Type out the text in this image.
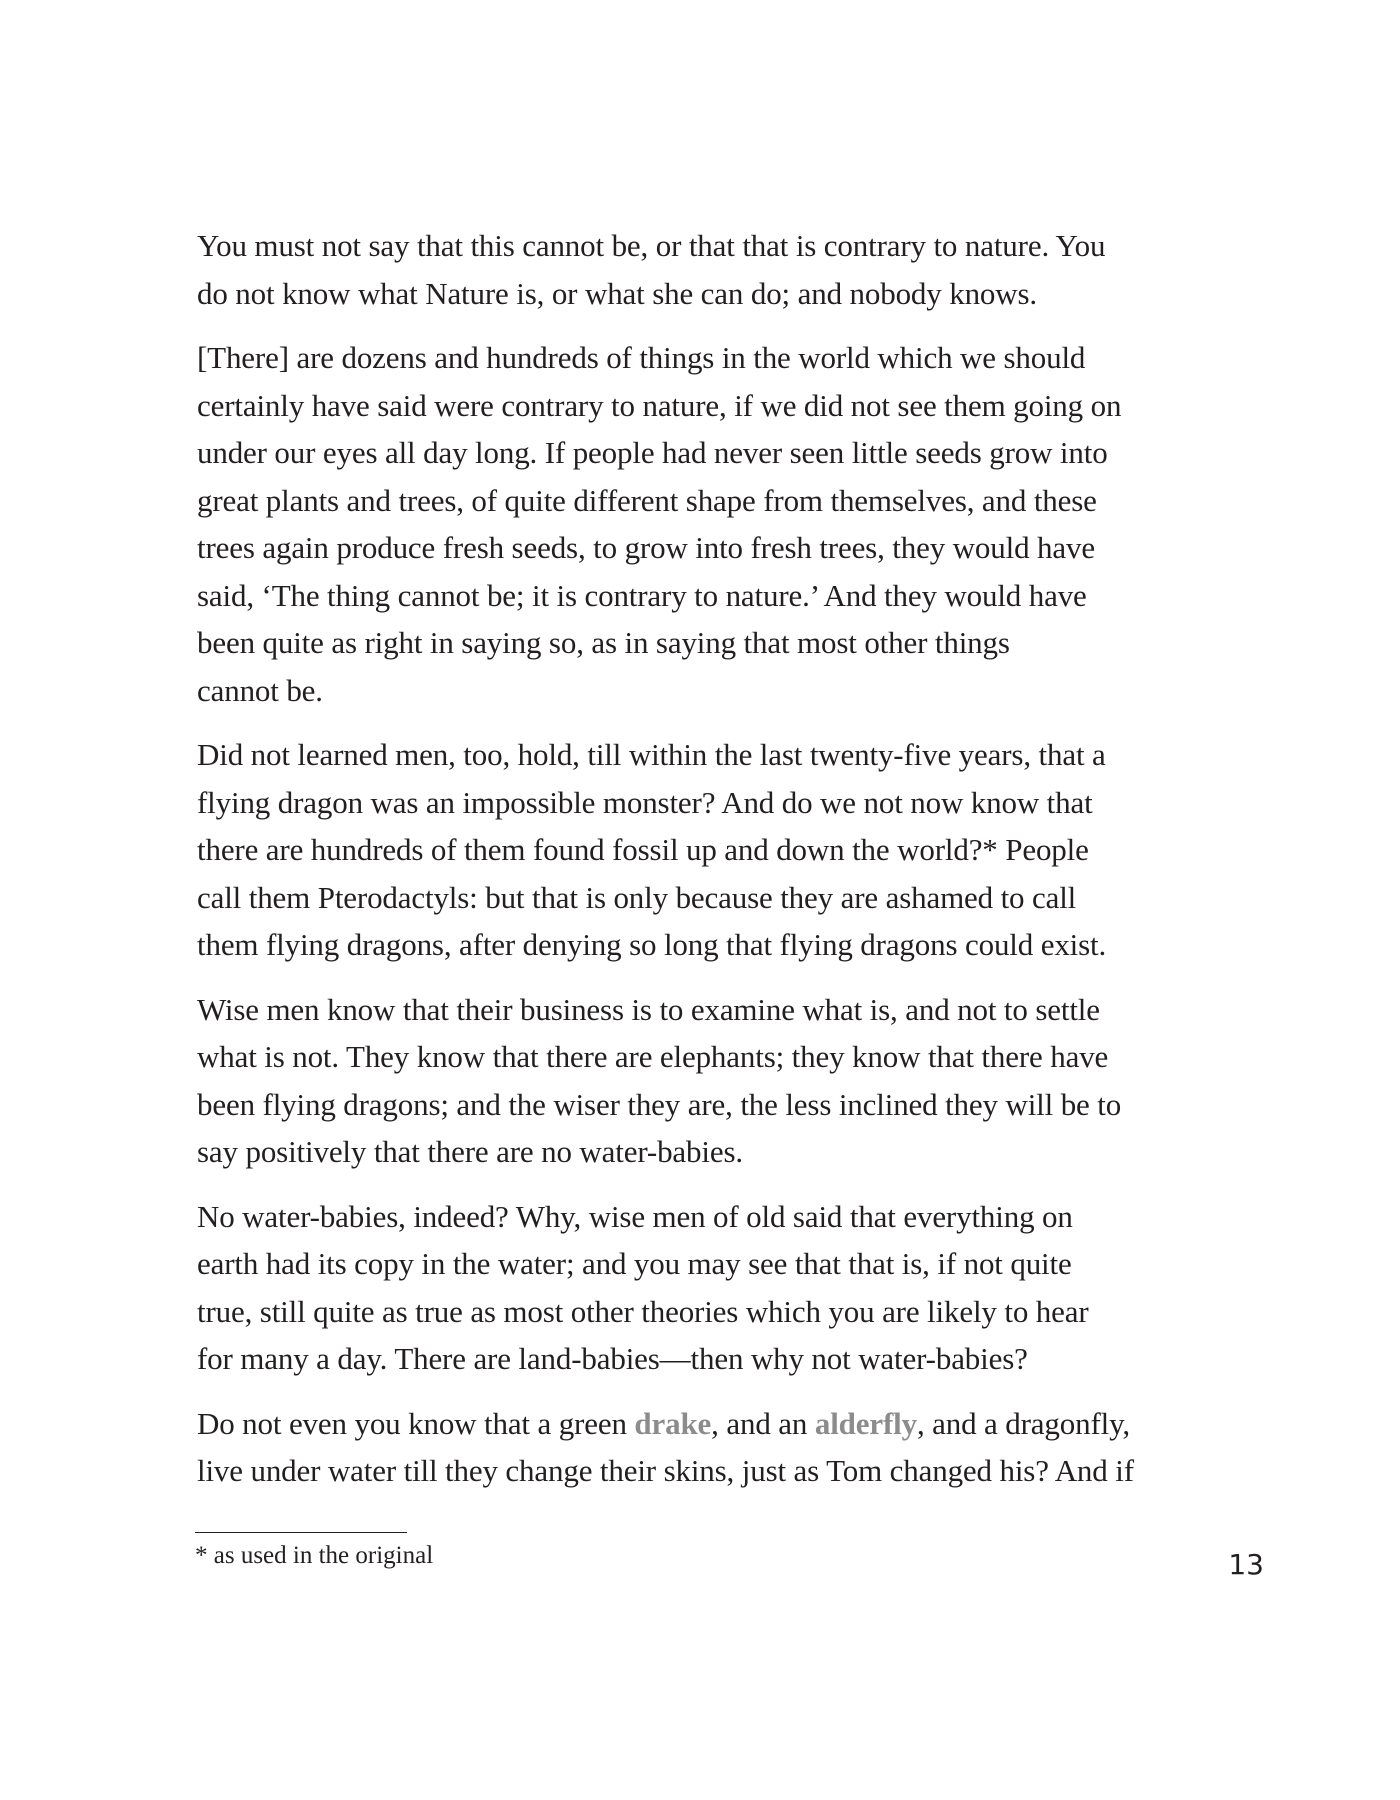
You must not say that this cannot be, or that that is contrary to nature. You
do not know what Nature is, or what she can do; and nobody knows.

[There] are dozens and hundreds of things in the world which we should
certainly have said were contrary to nature, if we did not see them going on
under our eyes all day long. If people had never seen little seeds grow into
great plants and trees, of quite different shape from themselves, and these
trees again produce fresh seeds, to grow into fresh trees, they would have
said, ‘The thing cannot be; it is contrary to nature.’ And they would have
been quite as right in saying so, as in saying that most other things
cannot be.

Did not learned men, too, hold, till within the last twenty-five years, that a
flying dragon was an impossible monster? And do we not now know that
there are hundreds of them found fossil up and down the world?* People
call them Pterodactyls: but that is only because they are ashamed to call
them flying dragons, after denying so long that flying dragons could exist.

Wise men know that their business is to examine what is, and not to settle
what is not. They know that there are elephants; they know that there have
been flying dragons; and the wiser they are, the less inclined they will be to
say positively that there are no water-babies.

No water-babies, indeed? Why, wise men of old said that everything on
earth had its copy in the water; and you may see that that is, if not quite
true, still quite as true as most other theories which you are likely to hear
for many a day. There are land-babies—then why not water-babies?

Do not even you know that a green drake, and an alderfly, and a dragonfly,
live under water till they change their skins, just as Tom changed his? And if

* as used in the original	13
